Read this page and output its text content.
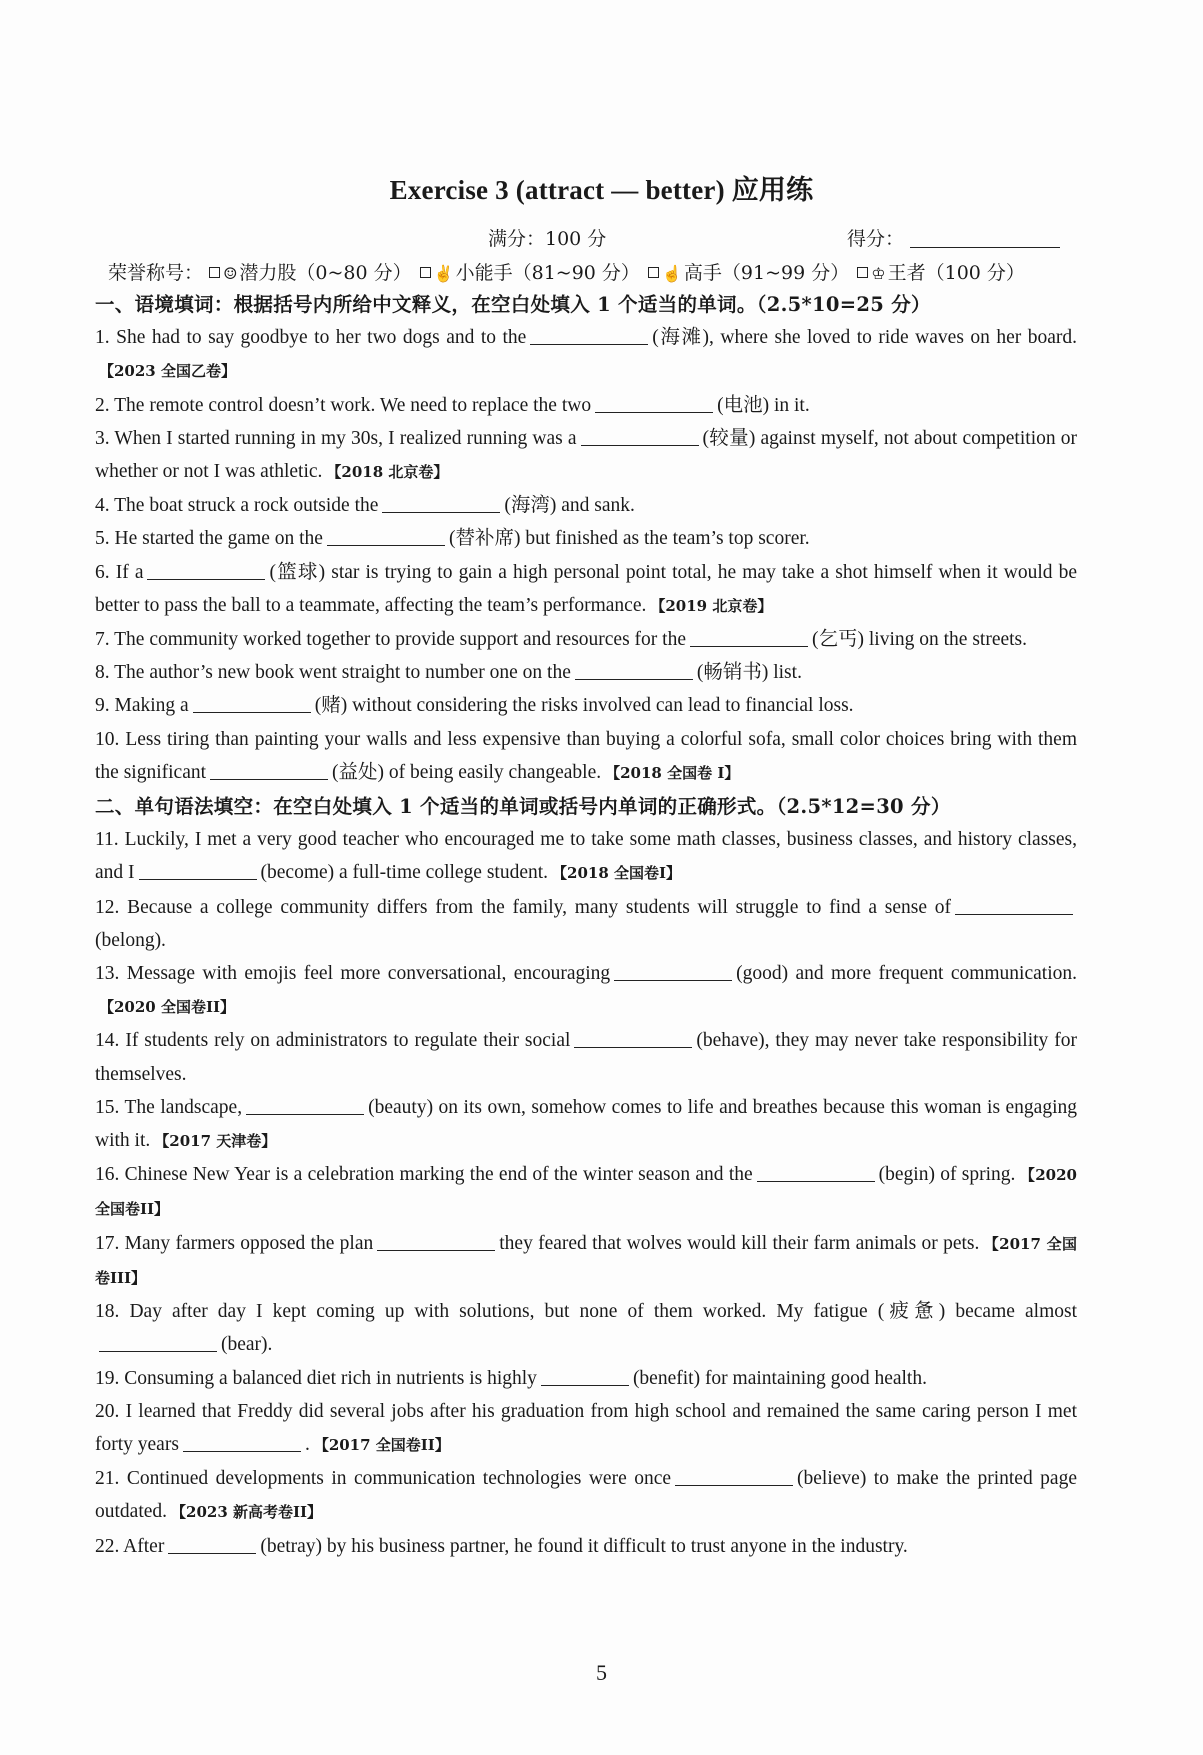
Exercise 3 (attract — better) 应用练
满分：100 分	得分：
荣誉称号： ☺ 潜力股（0~80 分） ✌ 小能手（81~90 分） ☝ 高手（91~99 分） ♔ 王者（100 分）

一、语境填词：根据括号内所给中文释义，在空白处填入 1 个适当的单词。（2.5*10=25 分）

1. She had to say goodbye to her two dogs and to the	(海滩), where she loved to ride waves on her board.【2023 全国乙卷】

2. The remote control doesn’t work. We need to replace the two	(电池) in it.

3. When I started running in my 30s, I realized running was a	(较量) against myself, not about competition or whether or not I was athletic. 【2018 北京卷】

4. The boat struck a rock outside the	(海湾) and sank.

5. He started the game on the	(替补席) but finished as the team’s top scorer.

6. If a	(篮球) star is trying to gain a high personal point total, he may take a shot himself when it would be better to pass the ball to a teammate, affecting the team’s performance. 【2019 北京卷】

7. The community worked together to provide support and resources for the	(乞丐) living on the streets.

8. The author’s new book went straight to number one on the	(畅销书) list.

9. Making a	(赌) without considering the risks involved can lead to financial loss.

10. Less tiring than painting your walls and less expensive than buying a colorful sofa, small color choices bring with them the significant	(益处) of being easily changeable. 【2018 全国卷 I】

二、单句语法填空：在空白处填入 1 个适当的单词或括号内单词的正确形式。（2.5*12=30 分）

11. Luckily, I met a very good teacher who encouraged me to take some math classes, business classes, and history classes, and I	(become) a full-time college student. 【2018 全国卷I】

12. Because a college community differs from the family, many students will struggle to find a sense of(belong).

13. Message with emojis feel more conversational, encouraging	(good) and more frequent communication.【2020 全国卷II】

14. If students rely on administrators to regulate their social	(behave), they may never take responsibility for themselves.

15. The landscape,	(beauty) on its own, somehow comes to life and breathes because this woman is engaging with it. 【2017 天津卷】

16. Chinese New Year is a celebration marking the end of the winter season and the	(begin) of spring. 【2020 全国卷II】

17. Many farmers opposed the plan	they feared that wolves would kill their farm animals or pets. 【2017 全国卷III】

18. Day after day I kept coming up with solutions, but none of them worked. My fatigue (疲惫) became almost(bear).

19. Consuming a balanced diet rich in nutrients is highly	(benefit) for maintaining good health.

20. I learned that Freddy did several jobs after his graduation from high school and remained the same caring person I met forty years	. 【2017 全国卷II】

21. Continued developments in communication technologies were once	(believe) to make the printed page outdated. 【2023 新高考卷II】

22. After	(betray) by his business partner, he found it difficult to trust anyone in the industry.

5
